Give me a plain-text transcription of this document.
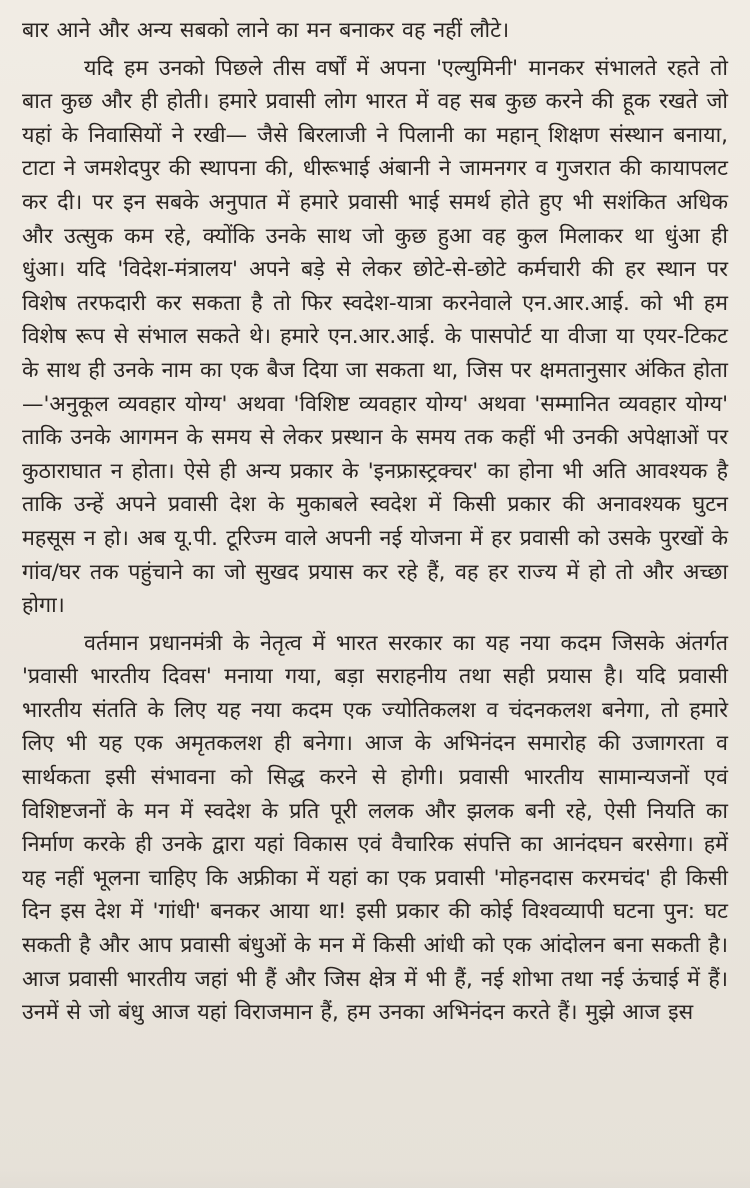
बार आने और अन्य सबको लाने का मन बनाकर वह नहीं लौटे।

यदि हम उनको पिछले तीस वर्षों में अपना 'एल्युमिनी' मानकर संभालते रहते तो बात कुछ और ही होती। हमारे प्रवासी लोग भारत में वह सब कुछ करने की हूक रखते जो यहां के निवासियों ने रखी— जैसे बिरलाजी ने पिलानी का महान् शिक्षण संस्थान बनाया, टाटा ने जमशेदपुर की स्थापना की, धीरूभाई अंबानी ने जामनगर व गुजरात की कायापलट कर दी। पर इन सबके अनुपात में हमारे प्रवासी भाई समर्थ होते हुए भी सशंकित अधिक और उत्सुक कम रहे, क्योंकि उनके साथ जो कुछ हुआ वह कुल मिलाकर था धुंआ ही धुंआ। यदि 'विदेश-मंत्रालय' अपने बड़े से लेकर छोटे-से-छोटे कर्मचारी की हर स्थान पर विशेष तरफदारी कर सकता है तो फिर स्वदेश-यात्रा करनेवाले एन.आर.आई. को भी हम विशेष रूप से संभाल सकते थे। हमारे एन.आर.आई. के पासपोर्ट या वीजा या एयर-टिकट के साथ ही उनके नाम का एक बैज दिया जा सकता था, जिस पर क्षमतानुसार अंकित होता—'अनुकूल व्यवहार योग्य' अथवा 'विशिष्ट व्यवहार योग्य' अथवा 'सम्मानित व्यवहार योग्य' ताकि उनके आगमन के समय से लेकर प्रस्थान के समय तक कहीं भी उनकी अपेक्षाओं पर कुठाराघात न होता। ऐसे ही अन्य प्रकार के 'इनफ्रास्ट्रक्चर' का होना भी अति आवश्यक है ताकि उन्हें अपने प्रवासी देश के मुकाबले स्वदेश में किसी प्रकार की अनावश्यक घुटन महसूस न हो। अब यू.पी. टूरिज्म वाले अपनी नई योजना में हर प्रवासी को उसके पुरखों के गांव/घर तक पहुंचाने का जो सुखद प्रयास कर रहे हैं, वह हर राज्य में हो तो और अच्छा होगा।

वर्तमान प्रधानमंत्री के नेतृत्व में भारत सरकार का यह नया कदम जिसके अंतर्गत 'प्रवासी भारतीय दिवस' मनाया गया, बड़ा सराहनीय तथा सही प्रयास है। यदि प्रवासी भारतीय संतति के लिए यह नया कदम एक ज्योतिकलश व चंदनकलश बनेगा, तो हमारे लिए भी यह एक अमृतकलश ही बनेगा। आज के अभिनंदन समारोह की उजागरता व सार्थकता इसी संभावना को सिद्ध करने से होगी। प्रवासी भारतीय सामान्यजनों एवं विशिष्टजनों के मन में स्वदेश के प्रति पूरी ललक और झलक बनी रहे, ऐसी नियति का निर्माण करके ही उनके द्वारा यहां विकास एवं वैचारिक संपत्ति का आनंदघन बरसेगा। हमें यह नहीं भूलना चाहिए कि अफ्रीका में यहां का एक प्रवासी 'मोहनदास करमचंद' ही किसी दिन इस देश में 'गांधी' बनकर आया था! इसी प्रकार की कोई विश्वव्यापी घटना पुन: घट सकती है और आप प्रवासी बंधुओं के मन में किसी आंधी को एक आंदोलन बना सकती है। आज प्रवासी भारतीय जहां भी हैं और जिस क्षेत्र में भी हैं, नई शोभा तथा नई ऊंचाई में हैं। उनमें से जो बंधु आज यहां विराजमान हैं, हम उनका अभिनंदन करते हैं। मुझे आज इस
